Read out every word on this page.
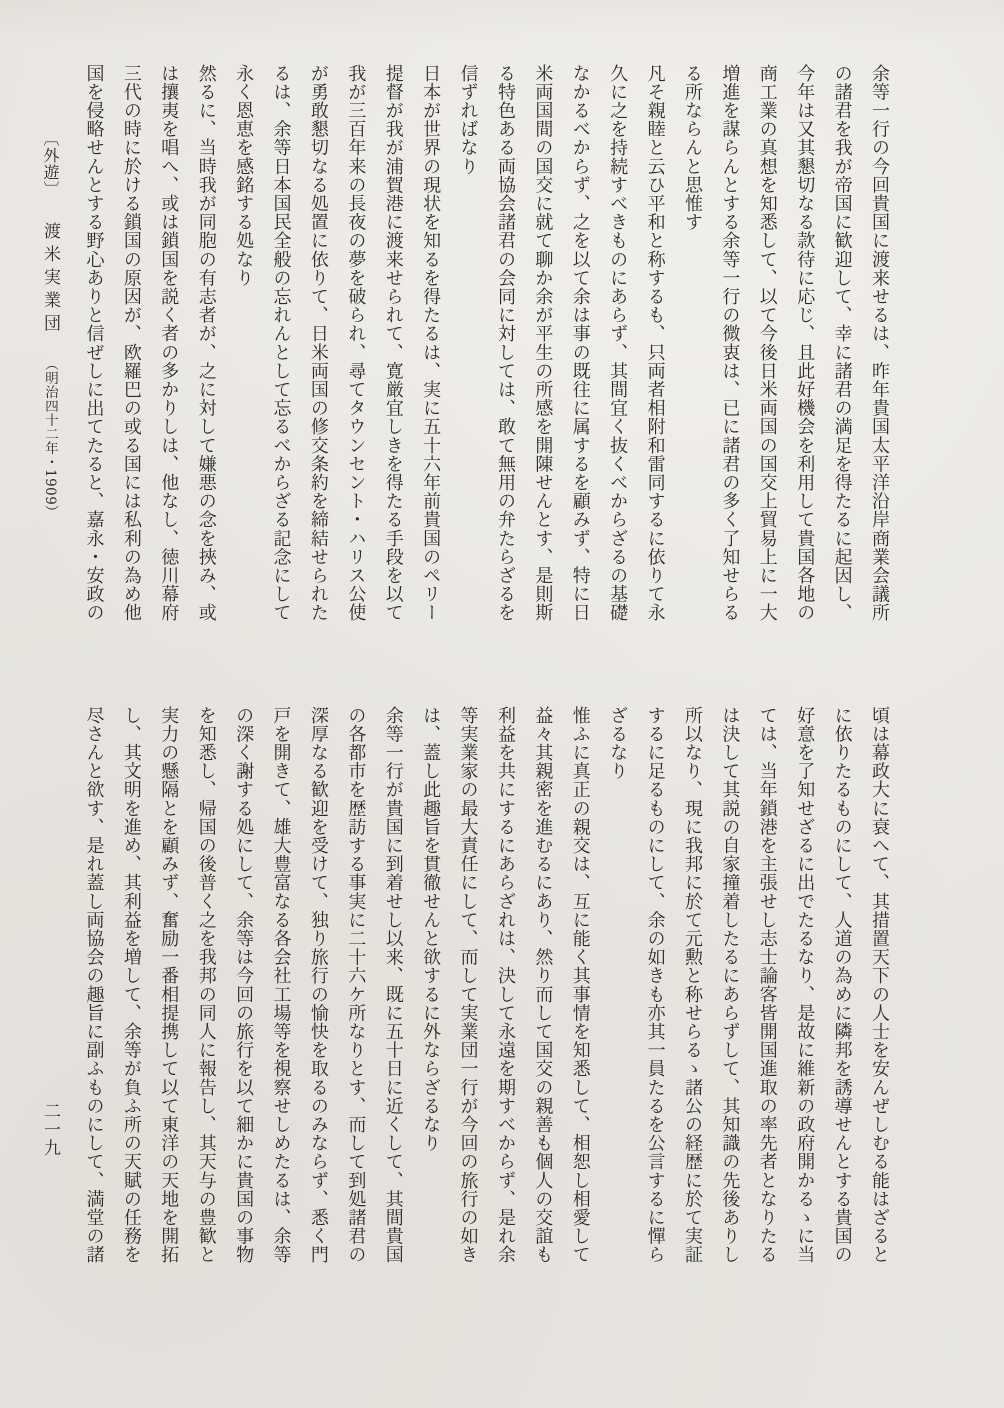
〔外遊〕 渡米実業団 （明治四十二年・1909）	余等一行の今回貴国に渡来せるは、昨年貴国太平洋沿岸商業会議所
の諸君を我が帝国に歓迎して、幸に諸君の満足を得たるに起因し、
今年は又其懇切なる款待に応じ、且此好機会を利用して貴国各地の
商工業の真想を知悉して、以て今後日米両国の国交上貿易上に一大
増進を謀らんとする余等一行の微衷は、已に諸君の多く了知せらる
る所ならんと思惟す
凡そ親睦と云ひ平和と称するも、只両者相附和雷同するに依りて永
久に之を持続すべきものにあらず、其間宜く抜くべからざるの基礎
なかるべからず、之を以て余は事の既往に属するを顧みず、特に日
米両国間の国交に就て聊か余が平生の所感を開陳せんとす、是則斯
る特色ある両協会諸君の会同に対しては、敢て無用の弁たらざるを
信ずればなり
日本が世界の現状を知るを得たるは、実に五十六年前貴国のペリー
提督が我が浦賀港に渡来せられて、寛厳宜しきを得たる手段を以て
我が三百年来の長夜の夢を破られ、尋てタウンセント・ハリス公使
が勇敢懇切なる処置に依りて、日米両国の修交条約を締結せられた
るは、余等日本国民全般の忘れんとして忘るべからざる記念にして
永く恩恵を感銘する処なり
然るに、当時我が同胞の有志者が、之に対して嫌悪の念を挾み、或
は攘夷を唱へ、或は鎖国を説く者の多かりしは、他なし、徳川幕府
三代の時に於ける鎖国の原因が、欧羅巴の或る国には私利の為め他
国を侵略せんとする野心ありと信ぜしに出てたると、嘉永・安政の
頃は幕政大に衰へて、其措置天下の人士を安んぜしむる能はざると
に依りたるものにして、人道の為めに隣邦を誘導せんとする貴国の
好意を了知せざるに出でたるなり、是故に維新の政府開かるゝに当
ては、当年鎖港を主張せし志士論客皆開国進取の率先者となりたる
は決して其説の自家撞着したるにあらずして、其知識の先後ありし
所以なり、現に我邦に於て元勲と称せらるゝ諸公の経歴に於て実証
するに足るものにして、余の如きも亦其一員たるを公言するに憚ら
ざるなり
惟ふに真正の親交は、互に能く其事情を知悉して、相恕し相愛して
益々其親密を進むるにあり、然り而して国交の親善も個人の交誼も
利益を共にするにあらざれは、決して永遠を期すべからず、是れ余
等実業家の最大責任にして、而して実業団一行が今回の旅行の如き
は、蓋し此趣旨を貫徹せんと欲するに外ならざるなり
余等一行が貴国に到着せし以来、既に五十日に近くして、其間貴国
の各都市を歴訪する事実に二十六ケ所なりとす、而して到処諸君の
深厚なる歓迎を受けて、独り旅行の愉快を取るのみならず、悉く門
戸を開きて、雄大豊富なる各会社工場等を視察せしめたるは、余等
の深く謝する処にして、余等は今回の旅行を以て細かに貴国の事物
を知悉し、帰国の後普く之を我邦の同人に報告し、其天与の豊歓と
実力の懸隔とを顧みず、奮励一番相提携して以て東洋の天地を開拓
し、其文明を進め、其利益を増して、余等が負ふ所の天賦の任務を
尽さんと欲す、是れ蓋し両協会の趣旨に副ふものにして、満堂の諸
二一九
